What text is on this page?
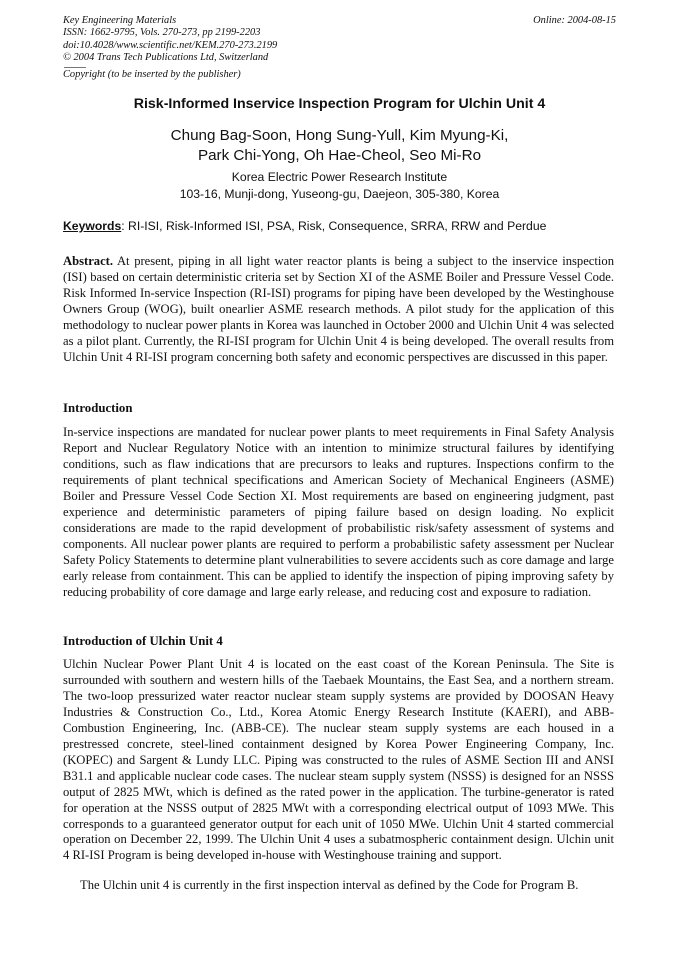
Key Engineering Materials	Online: 2004-08-15
ISSN: 1662-9795, Vols. 270-273, pp 2199-2203
doi:10.4028/www.scientific.net/KEM.270-273.2199
© 2004 Trans Tech Publications Ltd, Switzerland
Copyright (to be inserted by the publisher)
Risk-Informed Inservice Inspection Program for Ulchin Unit 4
Chung Bag-Soon, Hong Sung-Yull, Kim Myung-Ki,
Park Chi-Yong, Oh Hae-Cheol, Seo Mi-Ro
Korea Electric Power Research Institute
103-16, Munji-dong, Yuseong-gu, Daejeon, 305-380, Korea
Keywords: RI-ISI, Risk-Informed ISI, PSA, Risk, Consequence, SRRA, RRW and Perdue
Abstract. At present, piping in all light water reactor plants is being a subject to the inservice inspection (ISI) based on certain deterministic criteria set by Section XI of the ASME Boiler and Pressure Vessel Code. Risk Informed In-service Inspection (RI-ISI) programs for piping have been developed by the Westinghouse Owners Group (WOG), built onearlier ASME research methods. A pilot study for the application of this methodology to nuclear power plants in Korea was launched in October 2000 and Ulchin Unit 4 was selected as a pilot plant. Currently, the RI-ISI program for Ulchin Unit 4 is being developed. The overall results from Ulchin Unit 4 RI-ISI program concerning both safety and economic perspectives are discussed in this paper.
Introduction
In-service inspections are mandated for nuclear power plants to meet requirements in Final Safety Analysis Report and Nuclear Regulatory Notice with an intention to minimize structural failures by identifying conditions, such as flaw indications that are precursors to leaks and ruptures. Inspections confirm to the requirements of plant technical specifications and American Society of Mechanical Engineers (ASME) Boiler and Pressure Vessel Code Section XI. Most requirements are based on engineering judgment, past experience and deterministic parameters of piping failure based on design loading. No explicit considerations are made to the rapid development of probabilistic risk/safety assessment of systems and components. All nuclear power plants are required to perform a probabilistic safety assessment per Nuclear Safety Policy Statements to determine plant vulnerabilities to severe accidents such as core damage and large early release from containment. This can be applied to identify the inspection of piping improving safety by reducing probability of core damage and large early release, and reducing cost and exposure to radiation.
Introduction of Ulchin Unit 4
Ulchin Nuclear Power Plant Unit 4 is located on the east coast of the Korean Peninsula. The Site is surrounded with southern and western hills of the Taebaek Mountains, the East Sea, and a northern stream. The two-loop pressurized water reactor nuclear steam supply systems are provided by DOOSAN Heavy Industries & Construction Co., Ltd., Korea Atomic Energy Research Institute (KAERI), and ABB-Combustion Engineering, Inc. (ABB-CE). The nuclear steam supply systems are each housed in a prestressed concrete, steel-lined containment designed by Korea Power Engineering Company, Inc. (KOPEC) and Sargent & Lundy LLC. Piping was constructed to the rules of ASME Section III and ANSI B31.1 and applicable nuclear code cases. The nuclear steam supply system (NSSS) is designed for an NSSS output of 2825 MWt, which is defined as the rated power in the application. The turbine-generator is rated for operation at the NSSS output of 2825 MWt with a corresponding electrical output of 1093 MWe. This corresponds to a guaranteed generator output for each unit of 1050 MWe. Ulchin Unit 4 started commercial operation on December 22, 1999. The Ulchin Unit 4 uses a subatmospheric containment design. Ulchin unit 4 RI-ISI Program is being developed in-house with Westinghouse training and support.
The Ulchin unit 4 is currently in the first inspection interval as defined by the Code for Program B.
